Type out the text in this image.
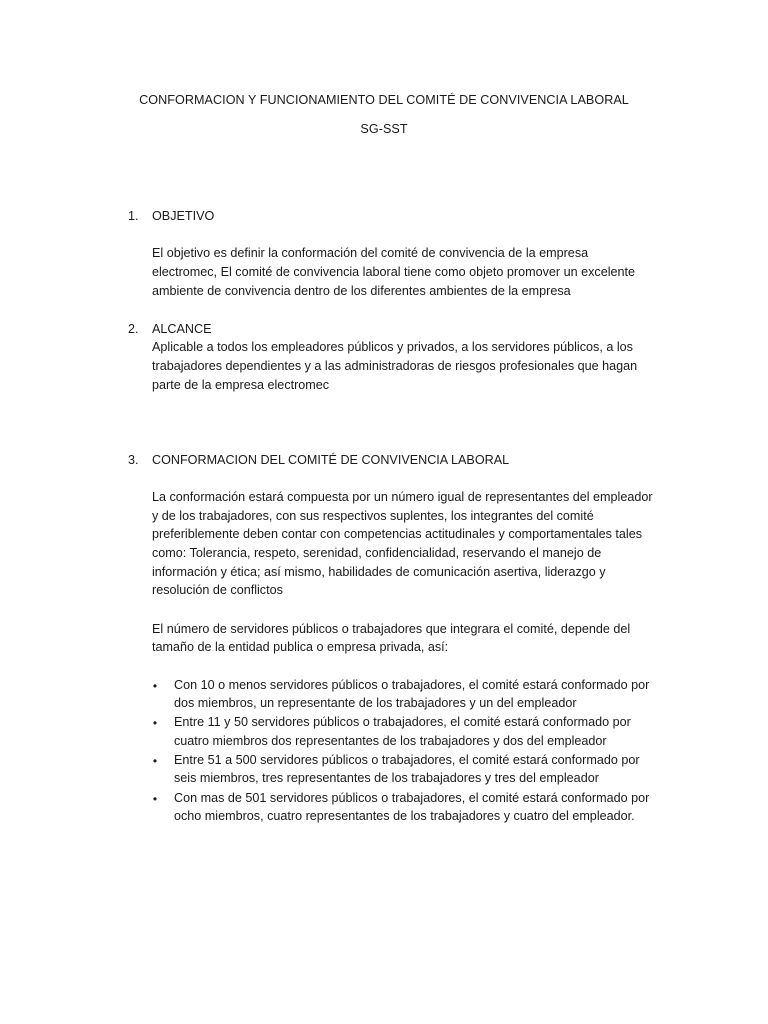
CONFORMACION Y FUNCIONAMIENTO DEL COMITÉ DE CONVIVENCIA LABORAL
SG-SST
1. OBJETIVO
El objetivo es definir la conformación del comité de convivencia de la empresa
electromec, El comité de convivencia laboral tiene como objeto promover un excelente
ambiente de convivencia dentro de los diferentes ambientes de la empresa
2. ALCANCE
Aplicable a todos los empleadores públicos y privados, a los servidores públicos, a los
trabajadores dependientes y a las administradoras de riesgos profesionales que hagan
parte de la empresa electromec
3. CONFORMACION DEL COMITÉ DE CONVIVENCIA LABORAL
La conformación estará compuesta por un número igual de representantes del empleador
y de los trabajadores, con sus respectivos suplentes, los integrantes del comité
preferiblemente deben contar con competencias actitudinales y comportamentales tales
como: Tolerancia, respeto, serenidad, confidencialidad, reservando el manejo de
información y ética; así mismo, habilidades de comunicación asertiva, liderazgo y
resolución de conflictos
El número de servidores públicos o trabajadores que integrara el comité, depende del
tamaño de la entidad publica o empresa privada, así:
• Con 10 o menos servidores públicos o trabajadores, el comité estará conformado por
dos miembros, un representante de los trabajadores y un del empleador
• Entre 11 y 50 servidores públicos o trabajadores, el comité estará conformado por
cuatro miembros dos representantes de los trabajadores y dos del empleador
• Entre 51 a 500 servidores públicos o trabajadores, el comité estará conformado por
seis miembros, tres representantes de los trabajadores y tres del empleador
• Con mas de 501 servidores públicos o trabajadores, el comité estará conformado por
ocho miembros, cuatro representantes de los trabajadores y cuatro del empleador.
